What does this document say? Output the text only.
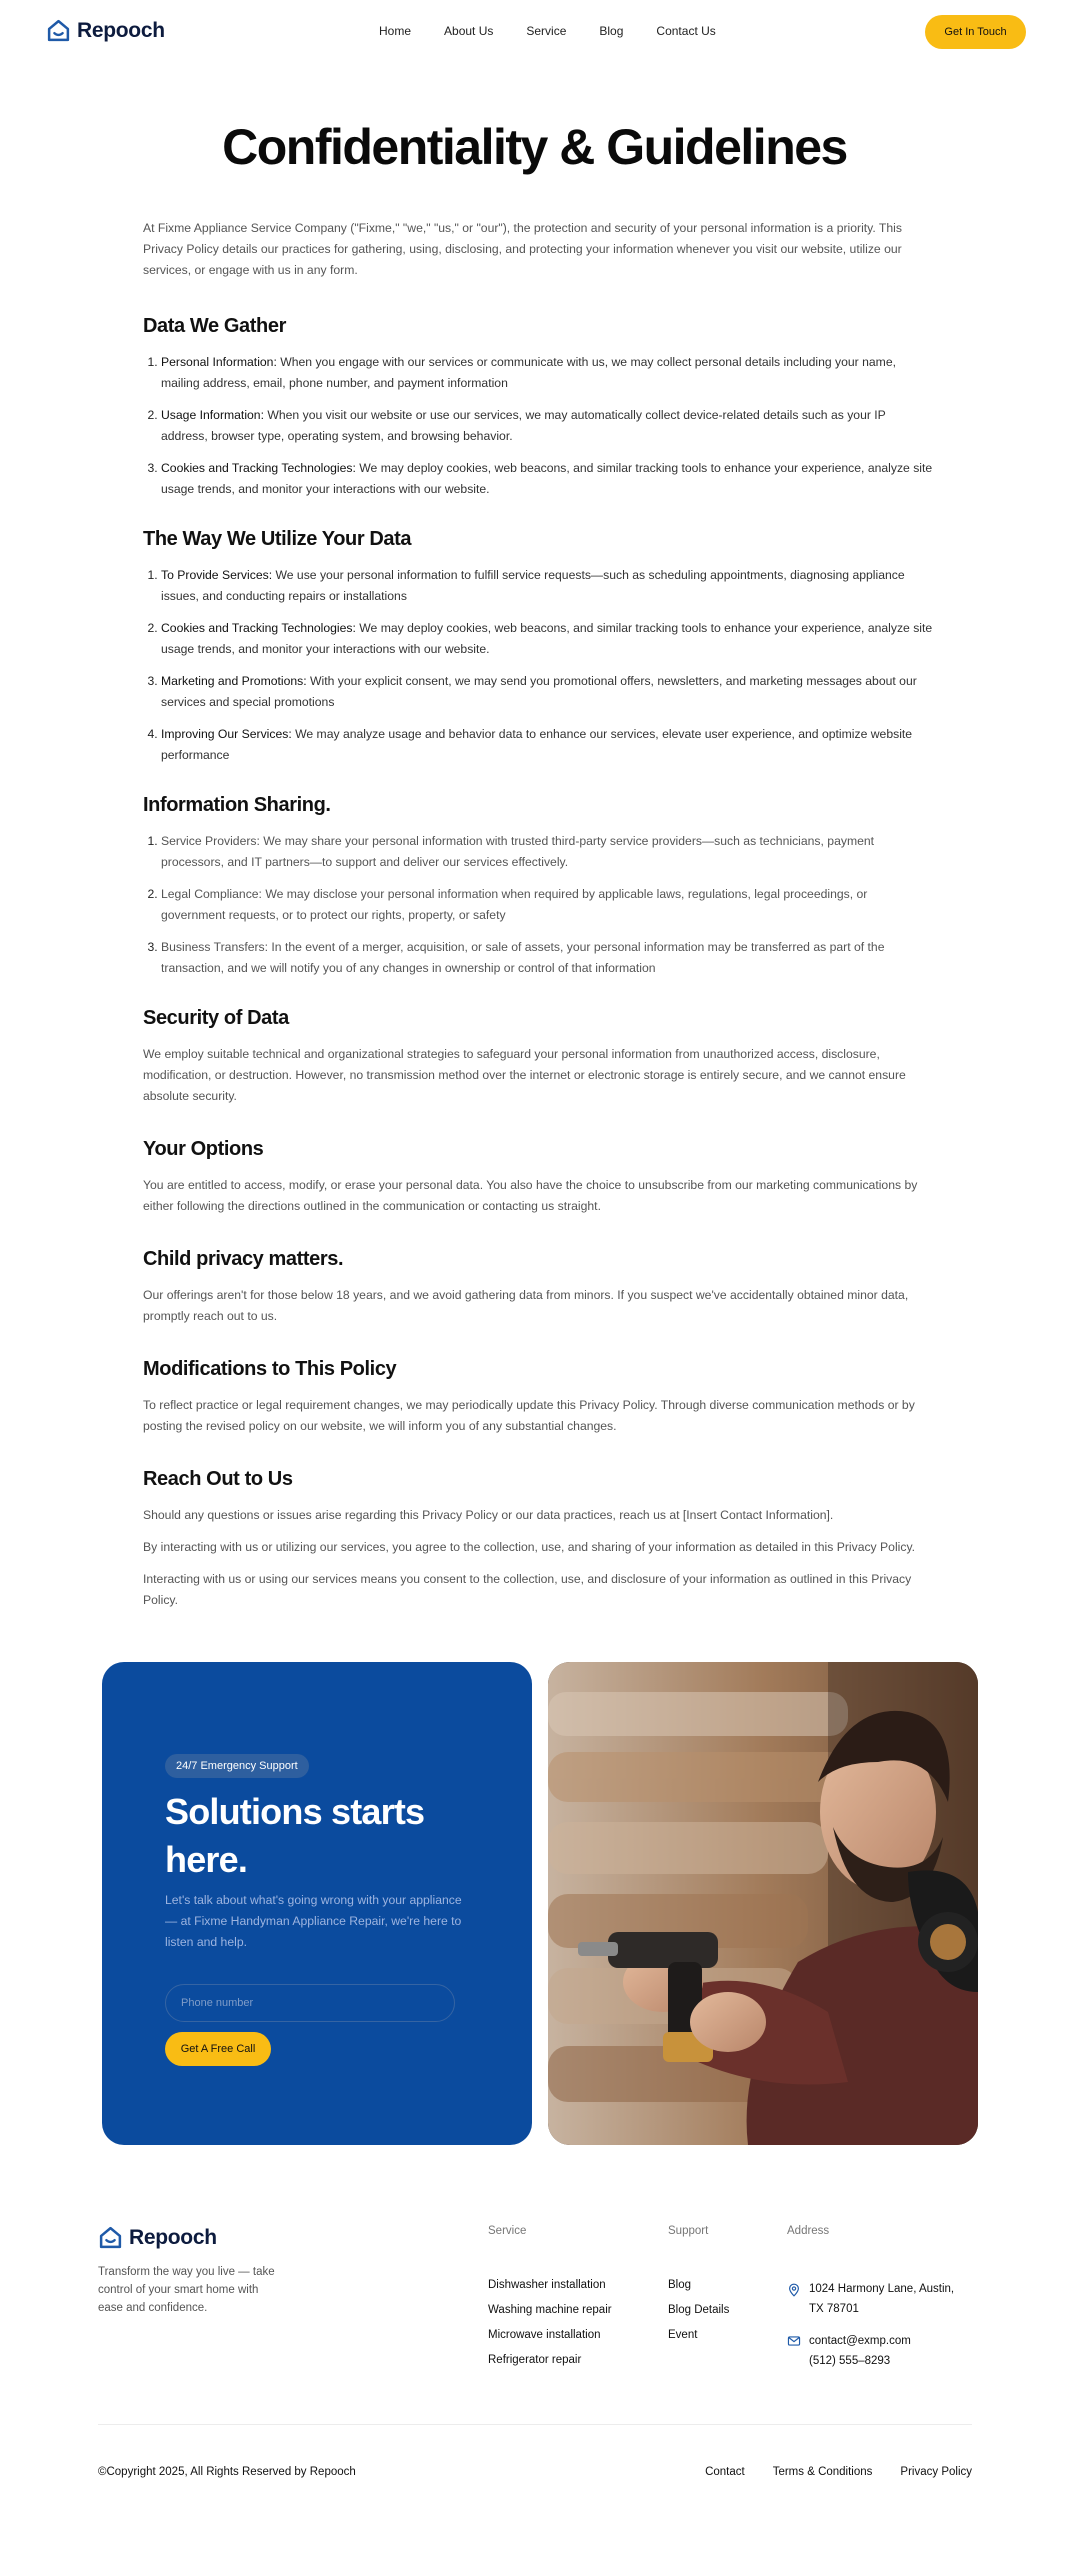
Repooch	Home	About Us	Service	Blog	Contact Us	Get In Touch
Confidentiality & Guidelines

At Fixme Appliance Service Company ("Fixme," "we," "us," or "our"), the protection and security of your personal information is a priority. This Privacy Policy details our practices for gathering, using, disclosing, and protecting your information whenever you visit our website, utilize our services, or engage with us in any form.

Data We Gather
1. Personal Information: When you engage with our services or communicate with us, we may collect personal details including your name, mailing address, email, phone number, and payment information
2. Usage Information: When you visit our website or use our services, we may automatically collect device-related details such as your IP address, browser type, operating system, and browsing behavior.
3. Cookies and Tracking Technologies: We may deploy cookies, web beacons, and similar tracking tools to enhance your experience, analyze site usage trends, and monitor your interactions with our website.
The Way We Utilize Your Data
1. To Provide Services: We use your personal information to fulfill service requests—such as scheduling appointments, diagnosing appliance issues, and conducting repairs or installations
2. Cookies and Tracking Technologies: We may deploy cookies, web beacons, and similar tracking tools to enhance your experience, analyze site usage trends, and monitor your interactions with our website.
3. Marketing and Promotions: With your explicit consent, we may send you promotional offers, newsletters, and marketing messages about our services and special promotions
4. Improving Our Services: We may analyze usage and behavior data to enhance our services, elevate user experience, and optimize website performance
Information Sharing.
1. Service Providers: We may share your personal information with trusted third-party service providers—such as technicians, payment processors, and IT partners—to support and deliver our services effectively.
2. Legal Compliance: We may disclose your personal information when required by applicable laws, regulations, legal proceedings, or government requests, or to protect our rights, property, or safety
3. Business Transfers: In the event of a merger, acquisition, or sale of assets, your personal information may be transferred as part of the transaction, and we will notify you of any changes in ownership or control of that information
Security of Data

We employ suitable technical and organizational strategies to safeguard your personal information from unauthorized access, disclosure, modification, or destruction. However, no transmission method over the internet or electronic storage is entirely secure, and we cannot ensure absolute security.

Your Options

You are entitled to access, modify, or erase your personal data. You also have the choice to unsubscribe from our marketing communications by either following the directions outlined in the communication or contacting us straight.

Child privacy matters.

Our offerings aren't for those below 18 years, and we avoid gathering data from minors. If you suspect we've accidentally obtained minor data, promptly reach out to us.

Modifications to This Policy

To reflect practice or legal requirement changes, we may periodically update this Privacy Policy. Through diverse communication methods or by posting the revised policy on our website, we will inform you of any substantial changes.

Reach Out to Us

Should any questions or issues arise regarding this Privacy Policy or our data practices, reach us at [Insert Contact Information].

By interacting with us or utilizing our services, you agree to the collection, use, and sharing of your information as detailed in this Privacy Policy.

Interacting with us or using our services means you consent to the collection, use, and disclosure of your information as outlined in this Privacy Policy.

24/7 Emergency Support
Solutions starts here.

Let's talk about what's going wrong with your appliance — at Fixme Handyman Appliance Repair, we're here to listen and help.

Phone number
Get A Free Call
Repooch

Transform the way you live — take control of your smart home with ease and confidence.

Service
Dishwasher installation
Washing machine repair
Microwave installation
Refrigerator repair
Support
Blog
Blog Details
Event
Address
1024 Harmony Lane, Austin, TX 78701
contact@exmp.com
(512) 555–8293
©Copyright 2025, All Rights Reserved by Repooch	Contact Terms & Conditions Privacy Policy
